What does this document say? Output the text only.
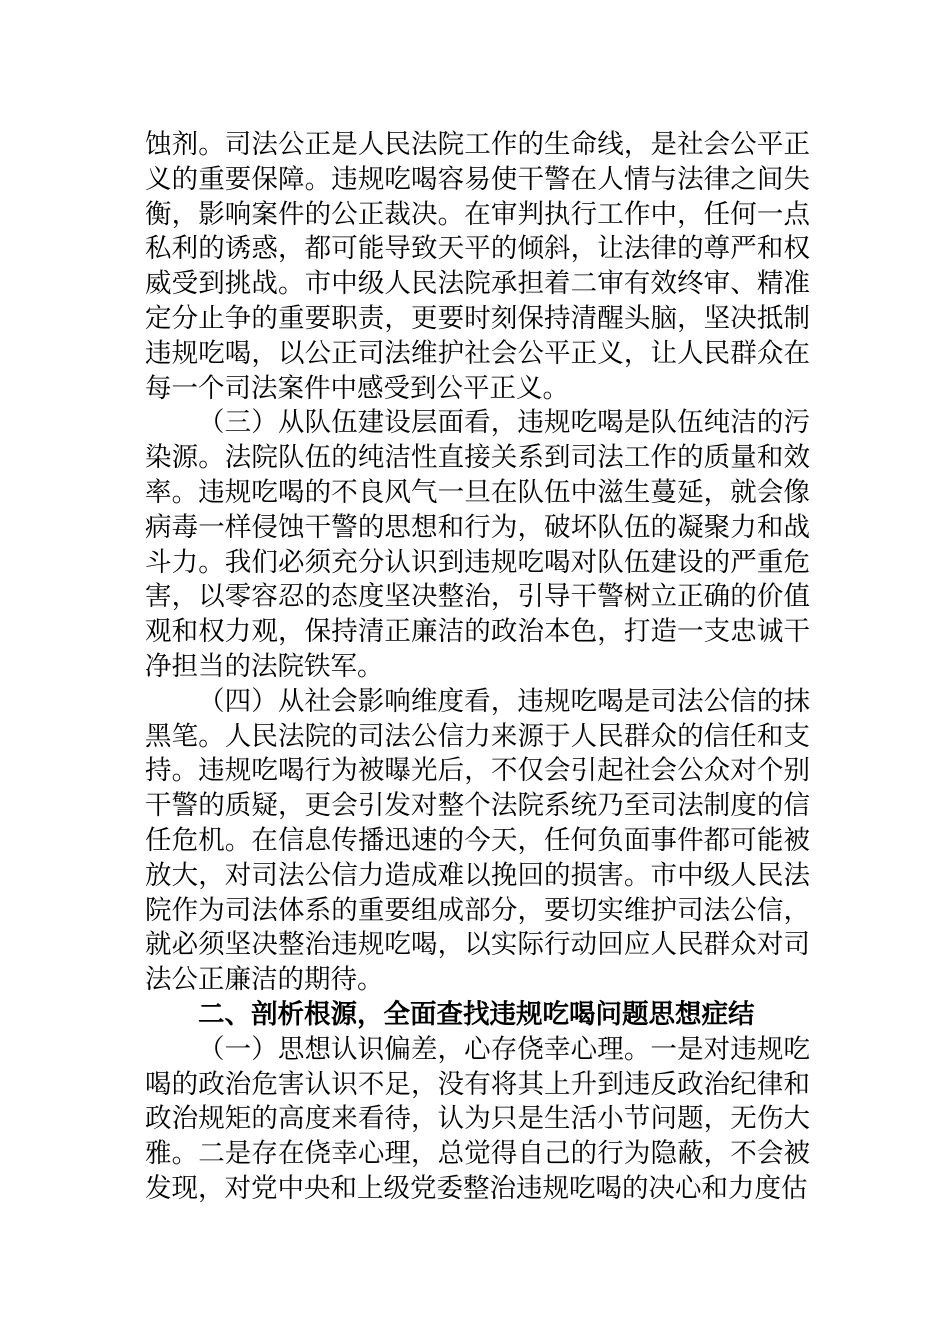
蚀剂。司法公正是人民法院工作的生命线，是社会公平正义的重要保障。违规吃喝容易使干警在人情与法律之间失衡，影响案件的公正裁决。在审判执行工作中，任何一点私利的诱惑，都可能导致天平的倾斜，让法律的尊严和权威受到挑战。市中级人民法院承担着二审有效终审、精准定分止争的重要职责，更要时刻保持清醒头脑，坚决抵制违规吃喝，以公正司法维护社会公平正义，让人民群众在每一个司法案件中感受到公平正义。

（三）从队伍建设层面看，违规吃喝是队伍纯洁的污染源。法院队伍的纯洁性直接关系到司法工作的质量和效率。违规吃喝的不良风气一旦在队伍中滋生蔓延，就会像病毒一样侵蚀干警的思想和行为，破坏队伍的凝聚力和战斗力。我们必须充分认识到违规吃喝对队伍建设的严重危害，以零容忍的态度坚决整治，引导干警树立正确的价值观和权力观，保持清正廉洁的政治本色，打造一支忠诚干净担当的法院铁军。

（四）从社会影响维度看，违规吃喝是司法公信的抹黑笔。人民法院的司法公信力来源于人民群众的信任和支持。违规吃喝行为被曝光后，不仅会引起社会公众对个别干警的质疑，更会引发对整个法院系统乃至司法制度的信任危机。在信息传播迅速的今天，任何负面事件都可能被放大，对司法公信力造成难以挽回的损害。市中级人民法院作为司法体系的重要组成部分，要切实维护司法公信，就必须坚决整治违规吃喝，以实际行动回应人民群众对司法公正廉洁的期待。

二、剖析根源，全面查找违规吃喝问题思想症结

（一）思想认识偏差，心存侥幸心理。一是对违规吃喝的政治危害认识不足，没有将其上升到违反政治纪律和政治规矩的高度来看待，认为只是生活小节问题，无伤大雅。二是存在侥幸心理，总觉得自己的行为隐蔽，不会被发现，对党中央和上级党委整治违规吃喝的决心和力度估
